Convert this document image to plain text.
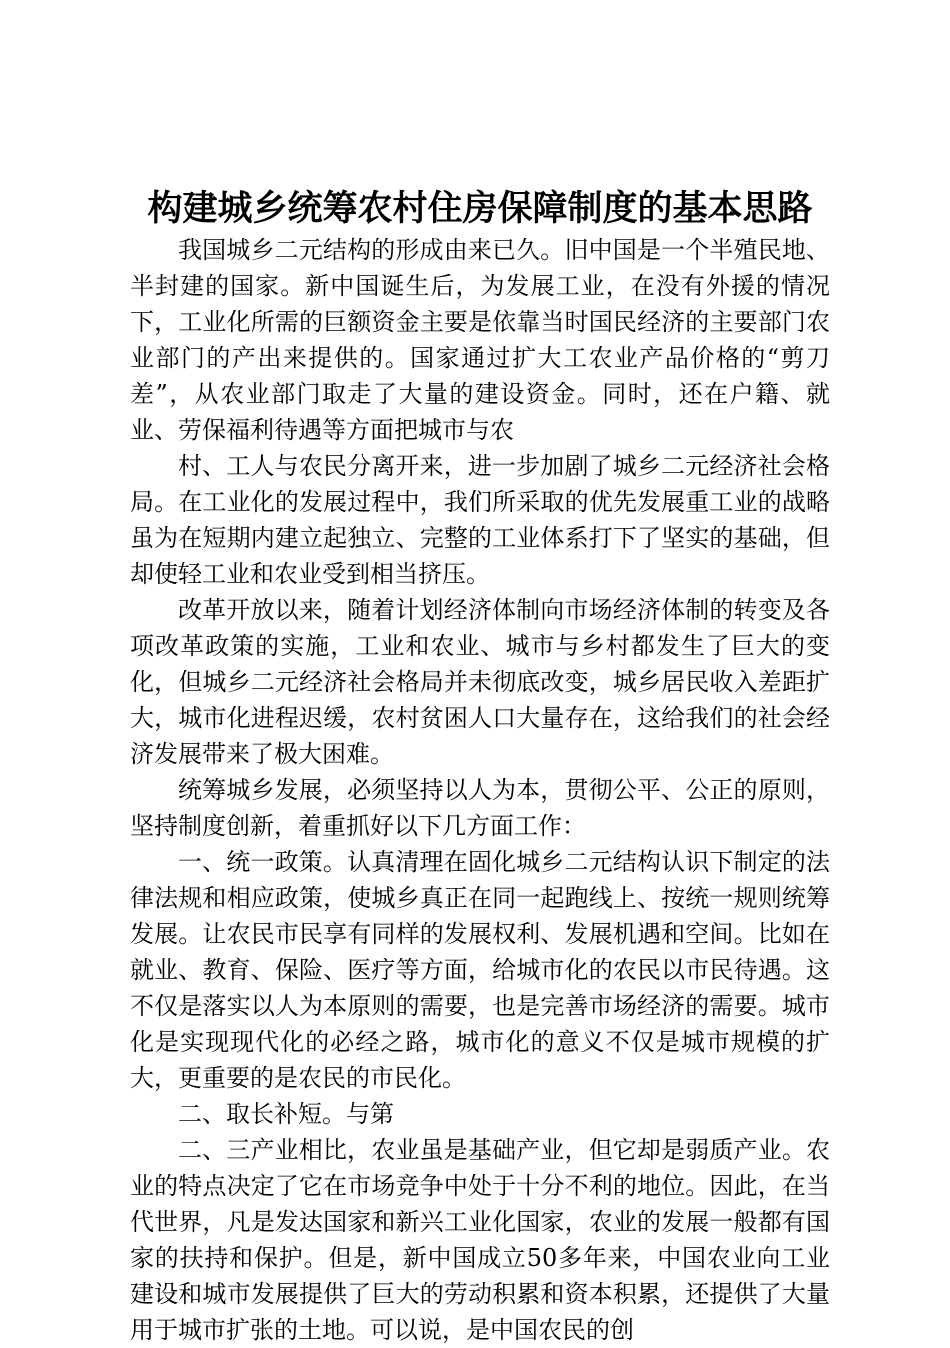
构建城乡统筹农村住房保障制度的基本思路

我国城乡二元结构的形成由来已久。旧中国是一个半殖民地、半封建的国家。新中国诞生后，为发展工业，在没有外援的情况下，工业化所需的巨额资金主要是依靠当时国民经济的主要部门农业部门的产出来提供的。国家通过扩大工农业产品价格的“剪刀差”，从农业部门取走了大量的建设资金。同时，还在户籍、就业、劳保福利待遇等方面把城市与农

村、工人与农民分离开来，进一步加剧了城乡二元经济社会格局。在工业化的发展过程中，我们所采取的优先发展重工业的战略虽为在短期内建立起独立、完整的工业体系打下了坚实的基础，但却使轻工业和农业受到相当挤压。

改革开放以来，随着计划经济体制向市场经济体制的转变及各项改革政策的实施，工业和农业、城市与乡村都发生了巨大的变化，但城乡二元经济社会格局并未彻底改变，城乡居民收入差距扩大，城市化进程迟缓，农村贫困人口大量存在，这给我们的社会经济发展带来了极大困难。

统筹城乡发展，必须坚持以人为本，贯彻公平、公正的原则，坚持制度创新，着重抓好以下几方面工作：

一、统一政策。认真清理在固化城乡二元结构认识下制定的法律法规和相应政策，使城乡真正在同一起跑线上、按统一规则统筹发展。让农民市民享有同样的发展权利、发展机遇和空间。比如在就业、教育、保险、医疗等方面，给城市化的农民以市民待遇。这不仅是落实以人为本原则的需要，也是完善市场经济的需要。城市化是实现现代化的必经之路，城市化的意义不仅是城市规模的扩大，更重要的是农民的市民化。

二、取长补短。与第

二、三产业相比，农业虽是基础产业，但它却是弱质产业。农业的特点决定了它在市场竞争中处于十分不利的地位。因此，在当代世界，凡是发达国家和新兴工业化国家，农业的发展一般都有国家的扶持和保护。但是，新中国成立50多年来，中国农业向工业建设和城市发展提供了巨大的劳动积累和资本积累，还提供了大量用于城市扩张的土地。可以说，是中国农民的创
